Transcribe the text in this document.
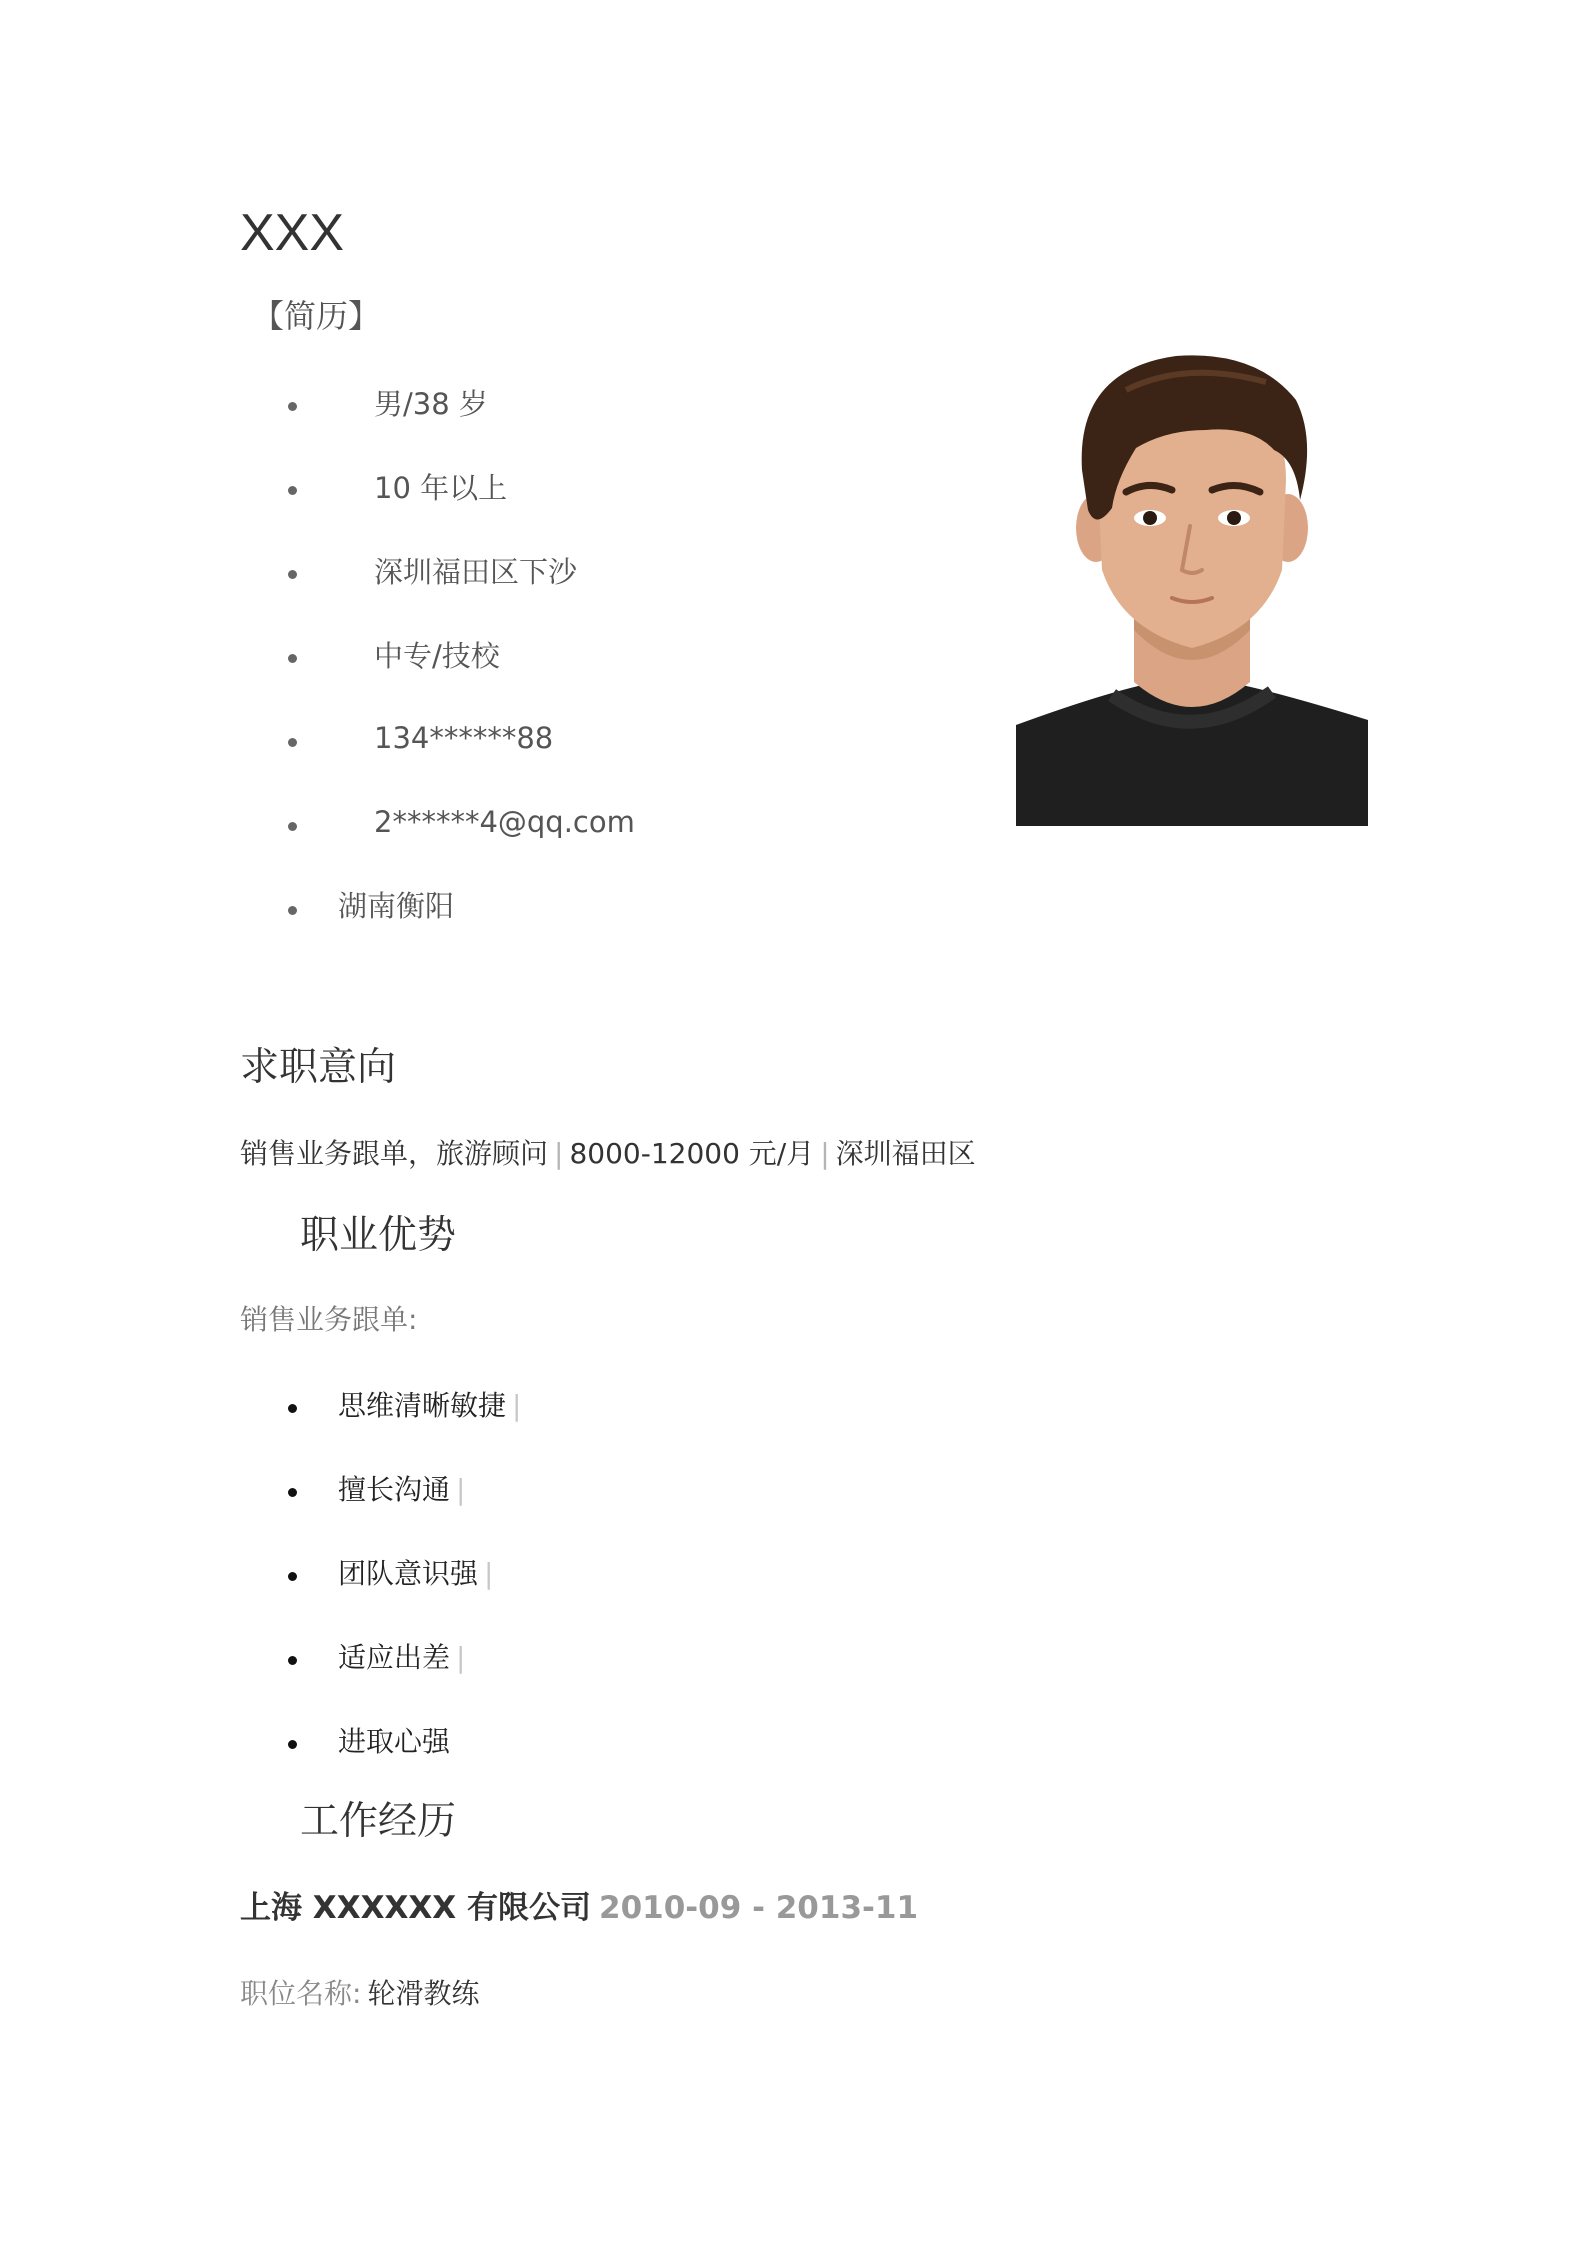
XXX
【简历】
男/38 岁
10 年以上
深圳福田区下沙
中专/技校
134******88
2******4@qq.com
湖南衡阳
求职意向
销售业务跟单，旅游顾问 | 8000-12000 元/月 | 深圳福田区
职业优势
销售业务跟单:
思维清晰敏捷 |
擅长沟通 |
团队意识强 |
适应出差 |
进取心强
工作经历
上海 XXXXXX 有限公司 2010-09 - 2013-11
职位名称: 轮滑教练
